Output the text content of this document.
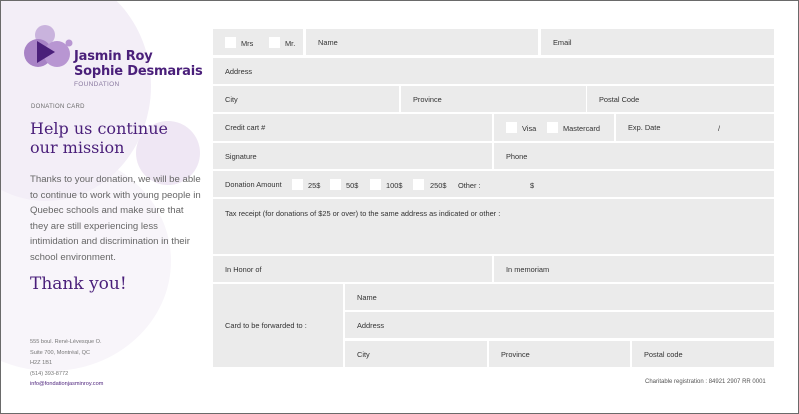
Jasmin Roy
Sophie Desmarais
FOUNDATION
DONATION CARD
Help us continue
our mission
Thanks to your donation, we will be able to continue to work with young people in Quebec schools and make sure that they are still experiencing less intimidation and discrimination in their school environment.
Thank you!
555 boul. René-Lévesque O.
Suite 700, Montréal, QC
H2Z 1B1
(514) 393-8772
info@fondationjasminroy.com
Mrs	Mr.	Name	Email
Address
City	Province	Postal Code
Credit cart #	Visa	Mastercard	Exp. Date	/
Signature	Phone
Donation Amount	25$	50$	100$	250$ Other :	$
Tax receipt (for donations of $25 or over) to the same address as indicated or other :
In Honor of	In memoriam
Card to be forwarded to :
Name
Address
City	Province	Postal code
Charitable registration : 84921 2907 RR 0001
